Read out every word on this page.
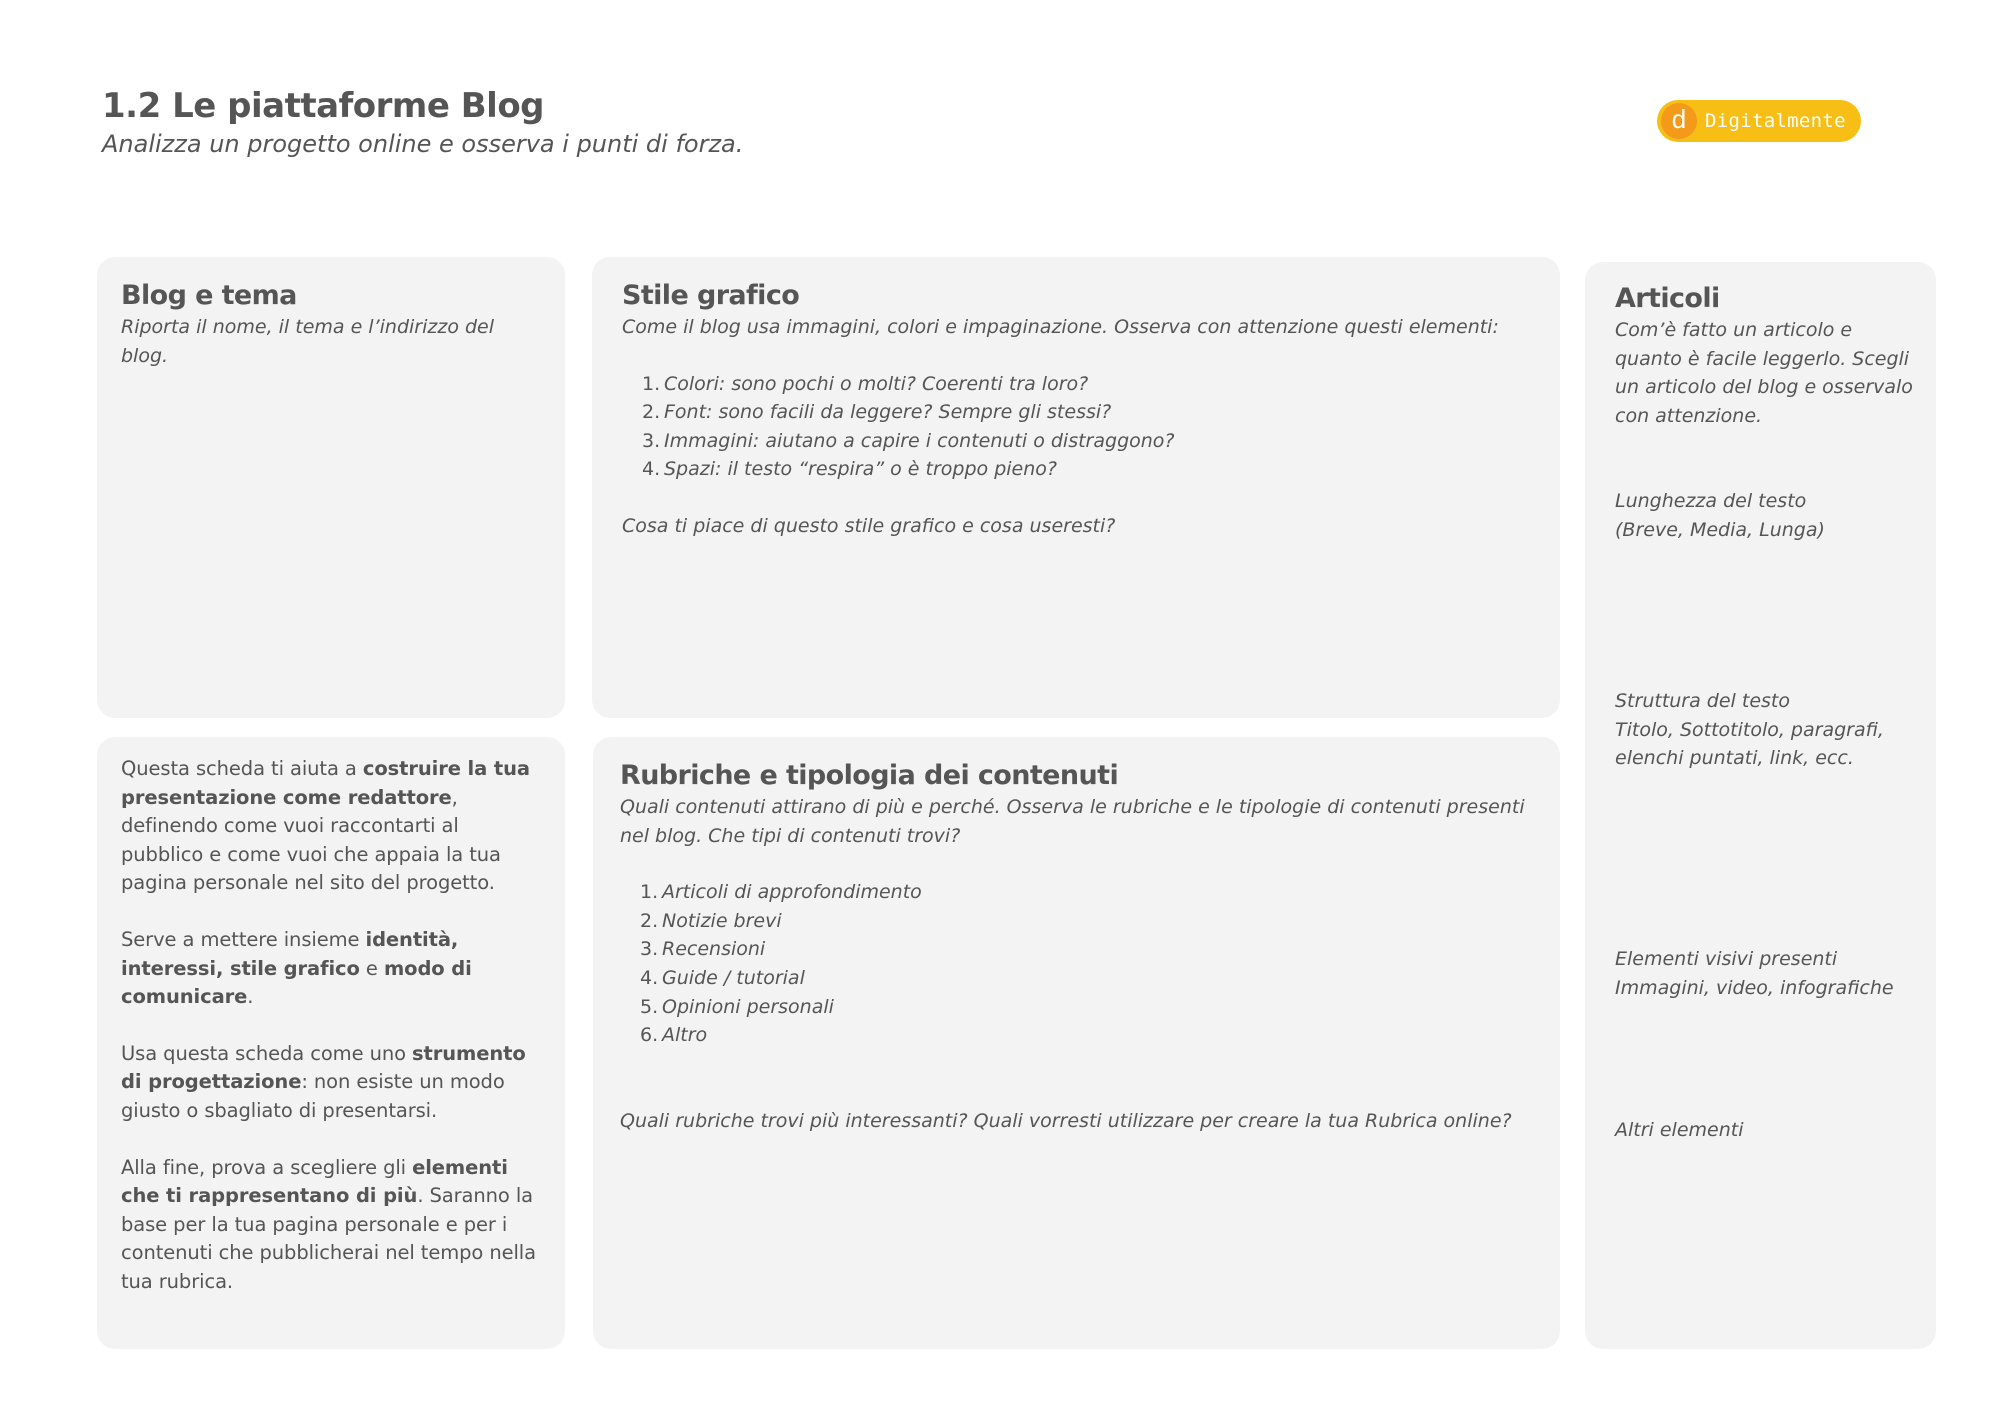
1.2 Le piattaforme Blog

Analizza un progetto online e osserva i punti di forza.

d Digitalmente
Blog e tema

Riporta il nome, il tema e l’indirizzo del blog.

Stile grafico

Come il blog usa immagini, colori e impaginazione. Osserva con attenzione questi elementi:

1. Colori: sono pochi o molti? Coerenti tra loro?
2. Font: sono facili da leggere? Sempre gli stessi?
3. Immagini: aiutano a capire i contenuti o distraggono?
4. Spazi: il testo “respira” o è troppo pieno?

Cosa ti piace di questo stile grafico e cosa useresti?

Questa scheda ti aiuta a costruire la tua presentazione come redattore, definendo come vuoi raccontarti al pubblico e come vuoi che appaia la tua pagina personale nel sito del progetto.

Serve a mettere insieme identità, interessi, stile grafico e modo di comunicare.

Usa questa scheda come uno strumento di progettazione: non esiste un modo giusto o sbagliato di presentarsi.

Alla fine, prova a scegliere gli elementi che ti rappresentano di più. Saranno la base per la tua pagina personale e per i contenuti che pubblicherai nel tempo nella tua rubrica.

Rubriche e tipologia dei contenuti

Quali contenuti attirano di più e perché. Osserva le rubriche e le tipologie di contenuti presenti nel blog. Che tipi di contenuti trovi?

1. Articoli di approfondimento
2. Notizie brevi
3. Recensioni
4. Guide / tutorial
5. Opinioni personali
6. Altro

Quali rubriche trovi più interessanti? Quali vorresti utilizzare per creare la tua Rubrica online?

Articoli

Com’è fatto un articolo e quanto è facile leggerlo. Scegli un articolo del blog e osservalo con attenzione.

Lunghezza del testo
(Breve, Media, Lunga)
Struttura del testo
Titolo, Sottotitolo, paragrafi, elenchi puntati, link, ecc.
Elementi visivi presenti
Immagini, video, infografiche
Altri elementi
